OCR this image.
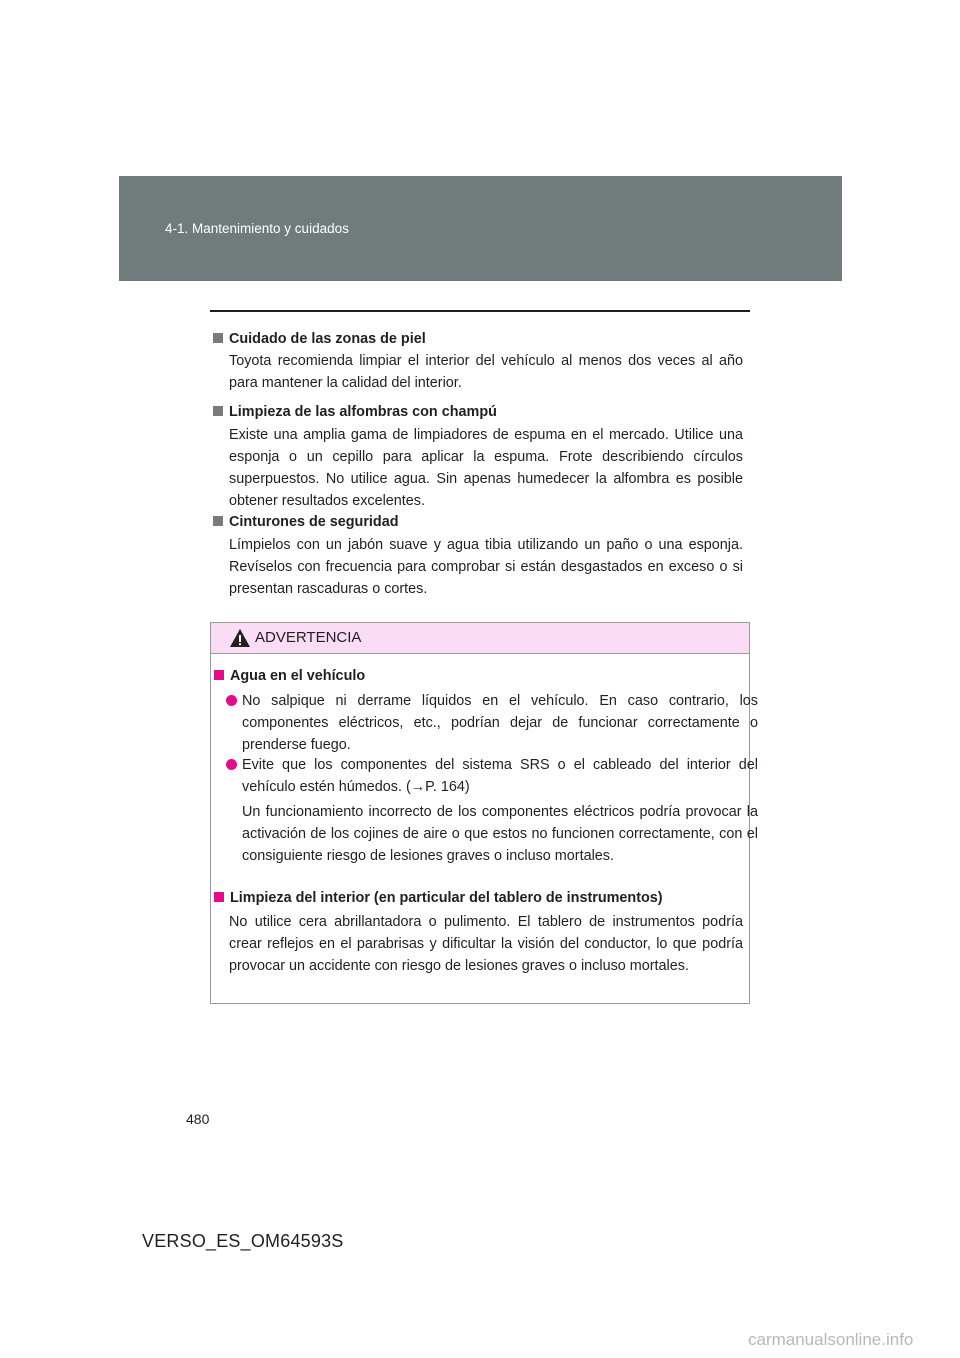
4-1. Mantenimiento y cuidados
Cuidado de las zonas de piel
Toyota recomienda limpiar el interior del vehículo al menos dos veces al año para mantener la calidad del interior.
Limpieza de las alfombras con champú
Existe una amplia gama de limpiadores de espuma en el mercado. Utilice una esponja o un cepillo para aplicar la espuma. Frote describiendo círculos superpuestos. No utilice agua. Sin apenas humedecer la alfombra es posible obtener resultados excelentes.
Cinturones de seguridad
Límpielos con un jabón suave y agua tibia utilizando un paño o una esponja. Revíselos con frecuencia para comprobar si están desgastados en exceso o si presentan rascaduras o cortes.
ADVERTENCIA
Agua en el vehículo
No salpique ni derrame líquidos en el vehículo. En caso contrario, los componentes eléctricos, etc., podrían dejar de funcionar correctamente o prenderse fuego.
Evite que los componentes del sistema SRS o el cableado del interior del vehículo estén húmedos. (→P. 164)
Un funcionamiento incorrecto de los componentes eléctricos podría provocar la activación de los cojines de aire o que estos no funcionen correctamente, con el consiguiente riesgo de lesiones graves o incluso mortales.
Limpieza del interior (en particular del tablero de instrumentos)
No utilice cera abrillantadora o pulimento. El tablero de instrumentos podría crear reflejos en el parabrisas y dificultar la visión del conductor, lo que podría provocar un accidente con riesgo de lesiones graves o incluso mortales.
480
VERSO_ES_OM64593S
carmanualsonline.info
